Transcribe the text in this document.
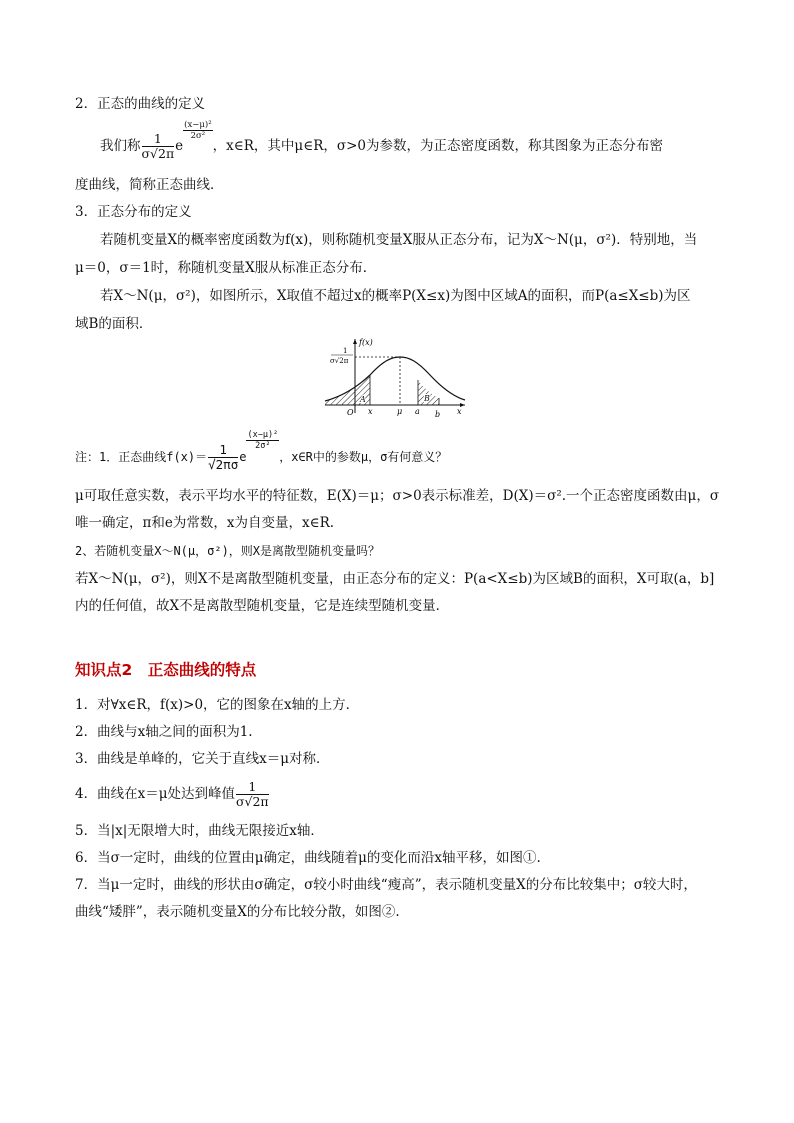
2．正态的曲线的定义
我们称 $\frac{1}{\sigma√2\pi}$ e
$\frac{\text{(x−μ)²}}{\text{2σ²}}$
，x∈R，其中μ∈R，σ>0为参数，为正态密度函数，称其图象为正态分布密
度曲线，简称正态曲线．
3．正态分布的定义
若随机变量X的概率密度函数为f(x)，则称随机变量X服从正态分布，记为X～N(μ，σ²)．特别地，当
μ＝0，σ＝1时，称随机变量X服从标准正态分布．
若X～N(μ，σ²)，如图所示，X取值不超过x的概率P(X≤x)为图中区域A的面积，而P(a≤X≤b)为区
域B的面积．
f(x)
1
σ√2π
O x	μ a b x
A	B
注：1．正态曲线$f(x)= \frac{1}{√2\pi\sigma}$ e
$\frac{\text{(x−μ)²}}{\text{2σ²}}$
，x∈R中的参数μ，σ有何意义？
μ可取任意实数，表示平均水平的特征数，E(X)＝μ；σ>0表示标准差，D(X)＝σ².一个正态密度函数由μ，σ
唯一确定，π和e为常数，x为自变量，x∈R.
2、若随机变量X～N(μ，σ²)，则X是离散型随机变量吗？
若X～N(μ，σ²)，则X不是离散型随机变量，由正态分布的定义：P(a<X≤b)为区域B的面积，X可取(a，b]
内的任何值，故X不是离散型随机变量，它是连续型随机变量．
知识点2　正态曲线的特点
1．对∀x∈R，f(x)>0，它的图象在x轴的上方．
2．曲线与x轴之间的面积为1.
3．曲线是单峰的，它关于直线x＝μ对称．
4．曲线在x＝μ处达到峰值 $\frac{1}{\sigma√2\pi}$
5．当|x|无限增大时，曲线无限接近x轴．
6．当σ一定时，曲线的位置由μ确定，曲线随着μ的变化而沿x轴平移，如图①.
7．当μ一定时，曲线的形状由σ确定，σ较小时曲线“瘦高”，表示随机变量X的分布比较集中；σ较大时，
曲线“矮胖”，表示随机变量X的分布比较分散，如图②.
